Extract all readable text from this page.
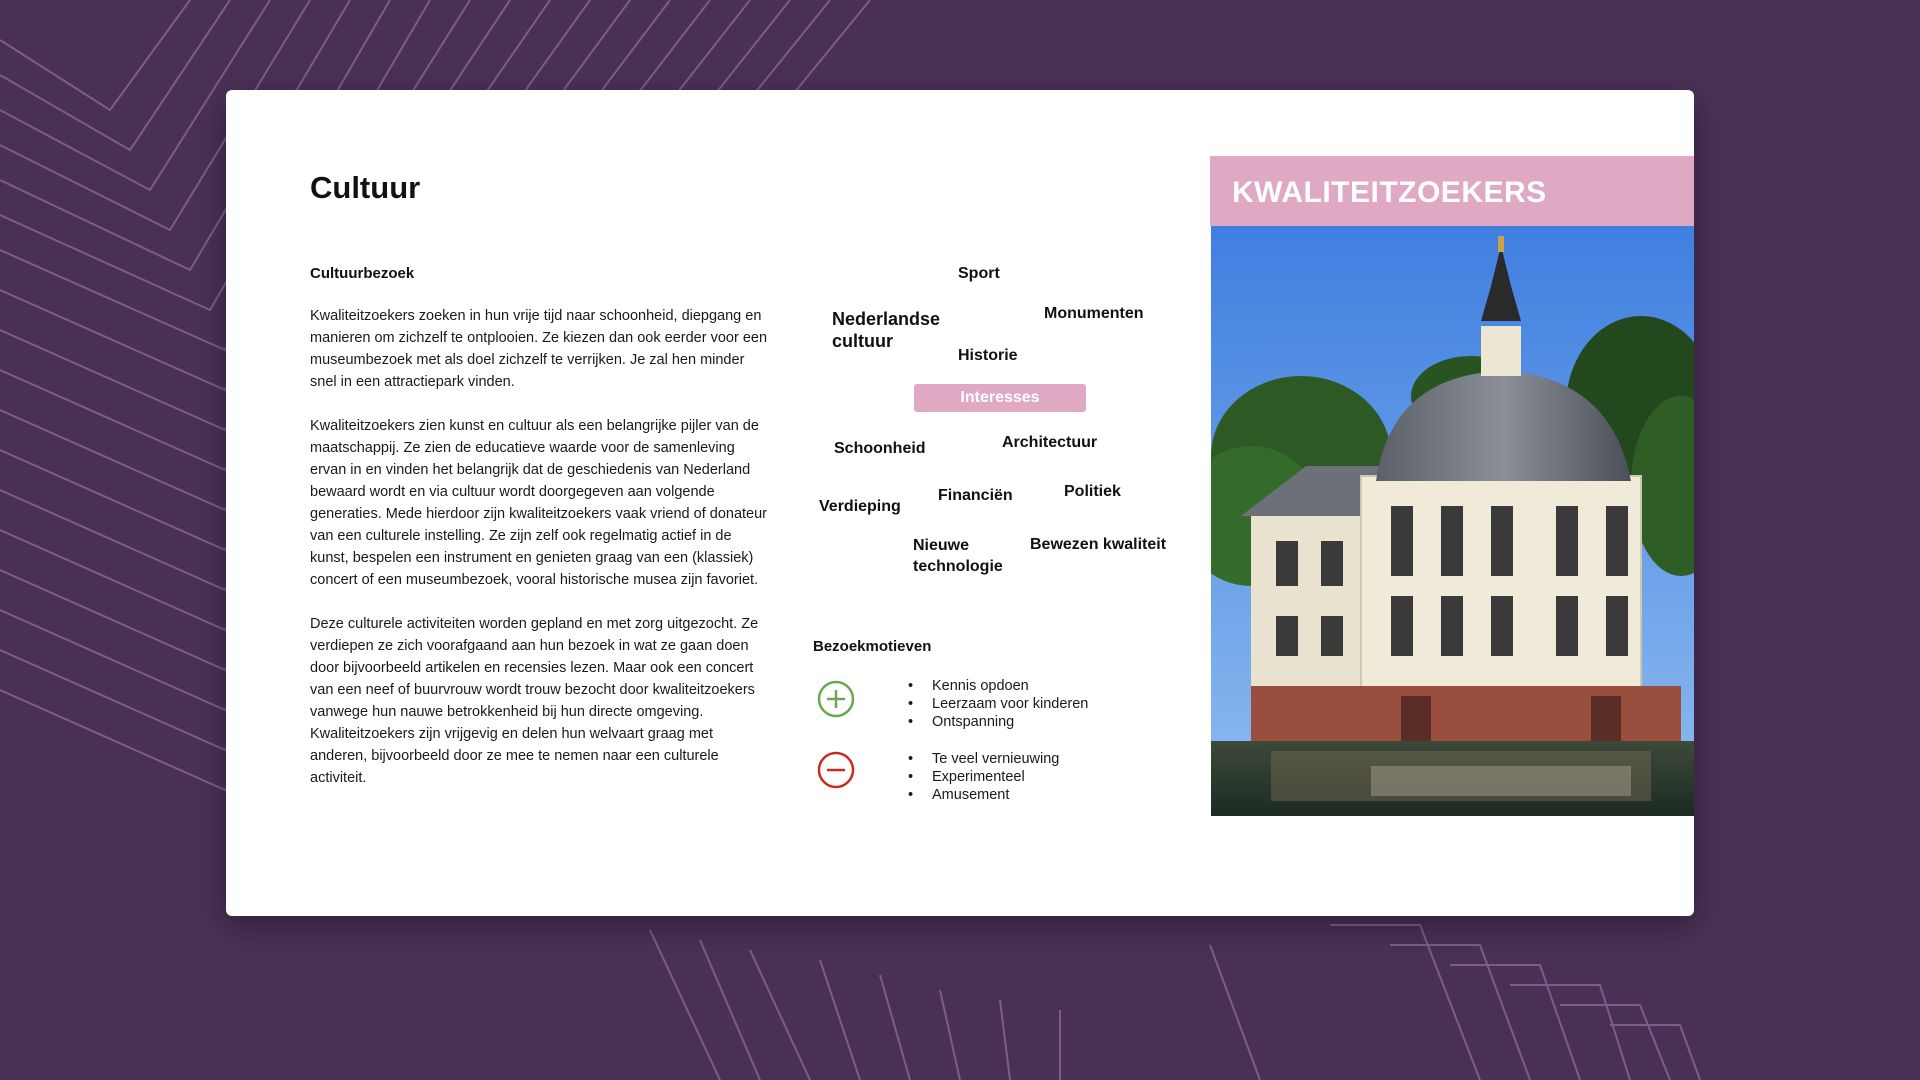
Cultuur
Cultuurbezoek

Kwaliteitzoekers zoeken in hun vrije tijd naar schoonheid, diepgang en manieren om zichzelf te ontplooien. Ze kiezen dan ook eerder voor een museumbezoek met als doel zichzelf te verrijken. Je zal hen minder snel in een attractiepark vinden.

Kwaliteitzoekers zien kunst en cultuur als een belangrijke pijler van de maatschappij. Ze zien de educatieve waarde voor de samenleving ervan in en vinden het belangrijk dat de geschiedenis van Nederland bewaard wordt en via cultuur wordt doorgegeven aan volgende generaties. Mede hierdoor zijn kwaliteitzoekers vaak vriend of donateur van een culturele instelling. Ze zijn zelf ook regelmatig actief in de kunst, bespelen een instrument en genieten graag van een (klassiek) concert of een museumbezoek, vooral historische musea zijn favoriet.

Deze culturele activiteiten worden gepland en met zorg uitgezocht. Ze verdiepen ze zich voorafgaand aan hun bezoek in wat ze gaan doen door bijvoorbeeld artikelen en recensies lezen. Maar ook een concert van een neef of buurvrouw wordt trouw bezocht door kwaliteitzoekers vanwege hun nauwe betrokkenheid bij hun directe omgeving. Kwaliteitzoekers zijn vrijgevig en delen hun welvaart graag met anderen, bijvoorbeeld door ze mee te nemen naar een culturele activiteit.

Sport
Monumenten
Nederlandse
cultuur
Historie
Interesses
Schoonheid	Architectuur
Verdieping
Financiën	Politiek
Nieuwe
technologie
Bewezen kwaliteit
Bezoekmotieven
• Kennis opdoen
• Leerzaam voor kinderen
• Ontspanning
• Te veel vernieuwing
• Experimenteel
• Amusement
KWALITEITZOEKERS
